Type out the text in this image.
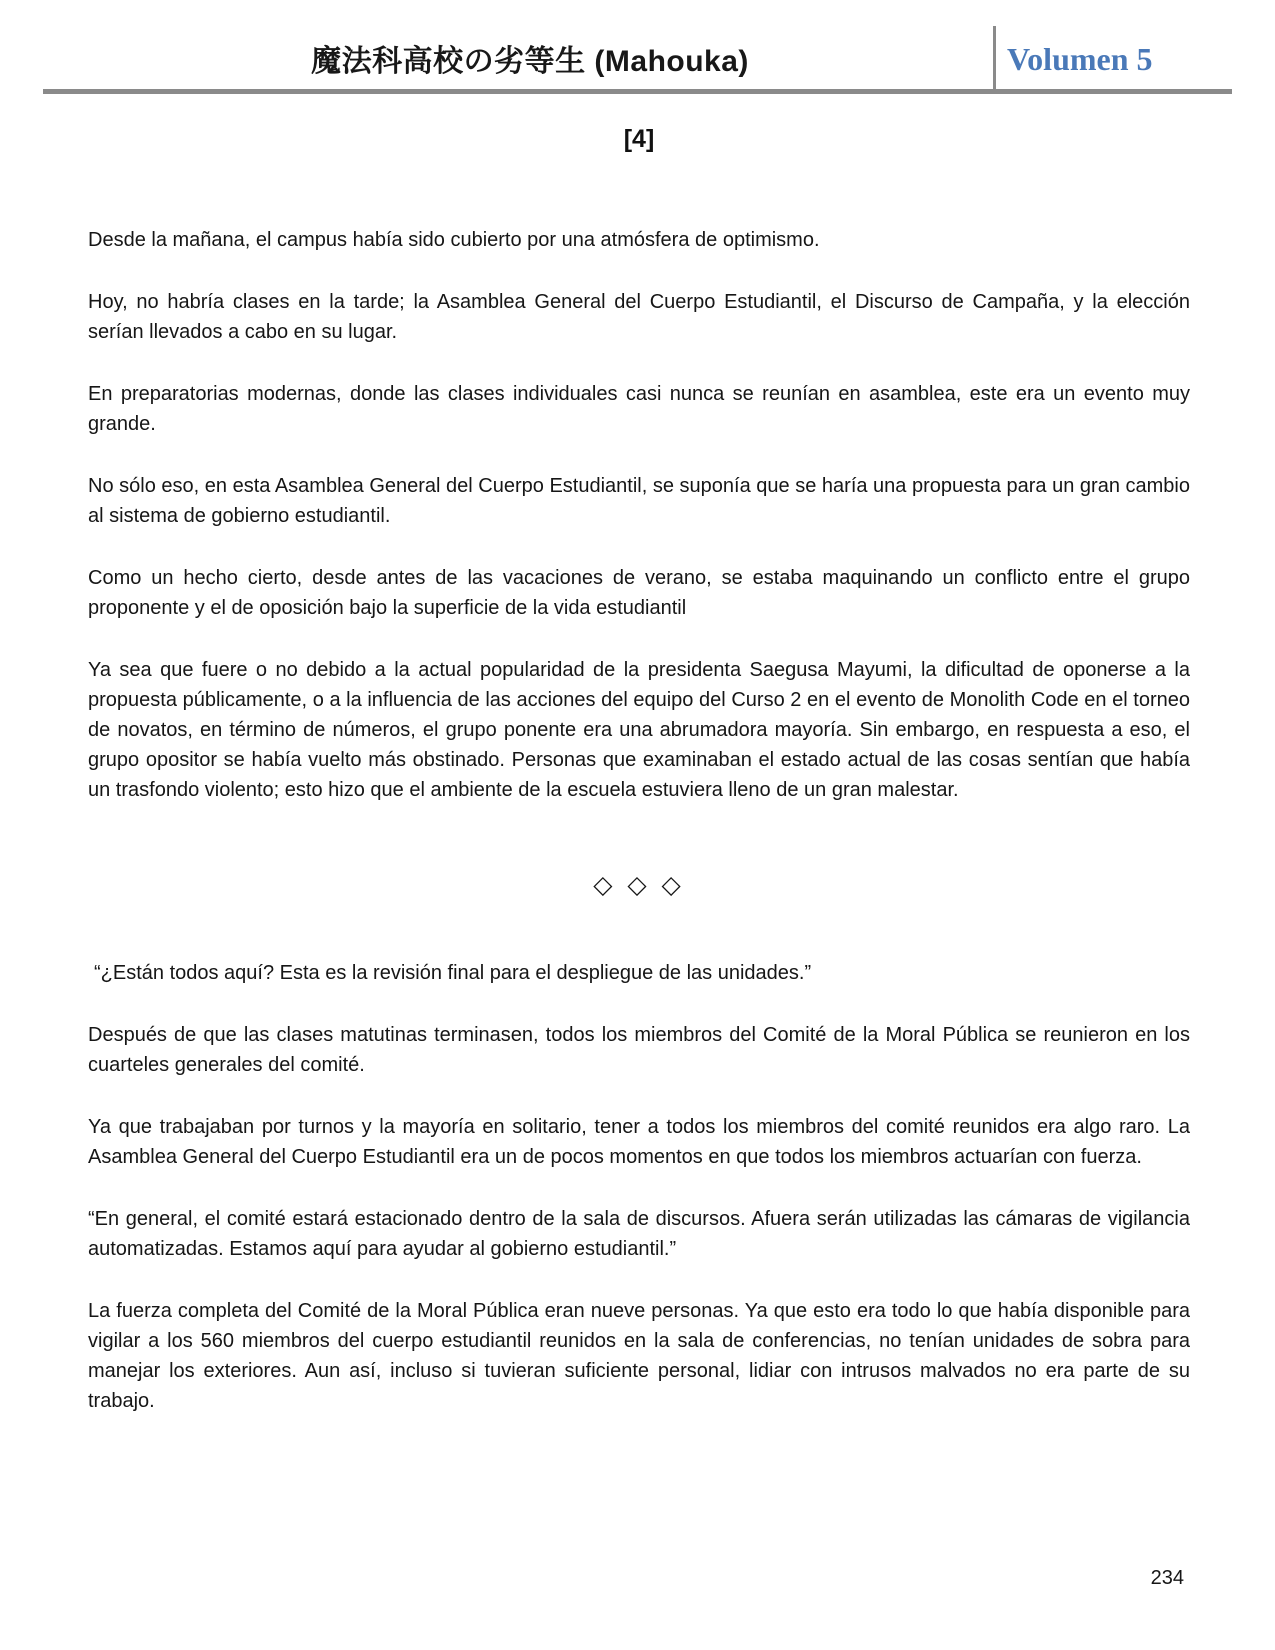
魔法科高校の劣等生 (Mahouka)	Volumen 5
[4]

Desde la mañana, el campus había sido cubierto por una atmósfera de optimismo.

Hoy, no habría clases en la tarde; la Asamblea General del Cuerpo Estudiantil, el Discurso de Campaña, y la elección serían llevados a cabo en su lugar.

En preparatorias modernas, donde las clases individuales casi nunca se reunían en asamblea, este era un evento muy grande.

No sólo eso, en esta Asamblea General del Cuerpo Estudiantil, se suponía que se haría una propuesta para un gran cambio al sistema de gobierno estudiantil.

Como un hecho cierto, desde antes de las vacaciones de verano, se estaba maquinando un conflicto entre el grupo proponente y el de oposición bajo la superficie de la vida estudiantil

Ya sea que fuere o no debido a la actual popularidad de la presidenta Saegusa Mayumi, la dificultad de oponerse a la propuesta públicamente, o a la influencia de las acciones del equipo del Curso 2 en el evento de Monolith Code en el torneo de novatos, en término de números, el grupo ponente era una abrumadora mayoría. Sin embargo, en respuesta a eso, el grupo opositor se había vuelto más obstinado. Personas que examinaban el estado actual de las cosas sentían que había un trasfondo violento; esto hizo que el ambiente de la escuela estuviera lleno de un gran malestar.

◇ ◇ ◇

“¿Están todos aquí? Esta es la revisión final para el despliegue de las unidades.”

Después de que las clases matutinas terminasen, todos los miembros del Comité de la Moral Pública se reunieron en los cuarteles generales del comité.

Ya que trabajaban por turnos y la mayoría en solitario, tener a todos los miembros del comité reunidos era algo raro. La Asamblea General del Cuerpo Estudiantil era un de pocos momentos en que todos los miembros actuarían con fuerza.

“En general, el comité estará estacionado dentro de la sala de discursos. Afuera serán utilizadas las cámaras de vigilancia automatizadas. Estamos aquí para ayudar al gobierno estudiantil.”

La fuerza completa del Comité de la Moral Pública eran nueve personas. Ya que esto era todo lo que había disponible para vigilar a los 560 miembros del cuerpo estudiantil reunidos en la sala de conferencias, no tenían unidades de sobra para manejar los exteriores. Aun así, incluso si tuvieran suficiente personal, lidiar con intrusos malvados no era parte de su trabajo.

234
